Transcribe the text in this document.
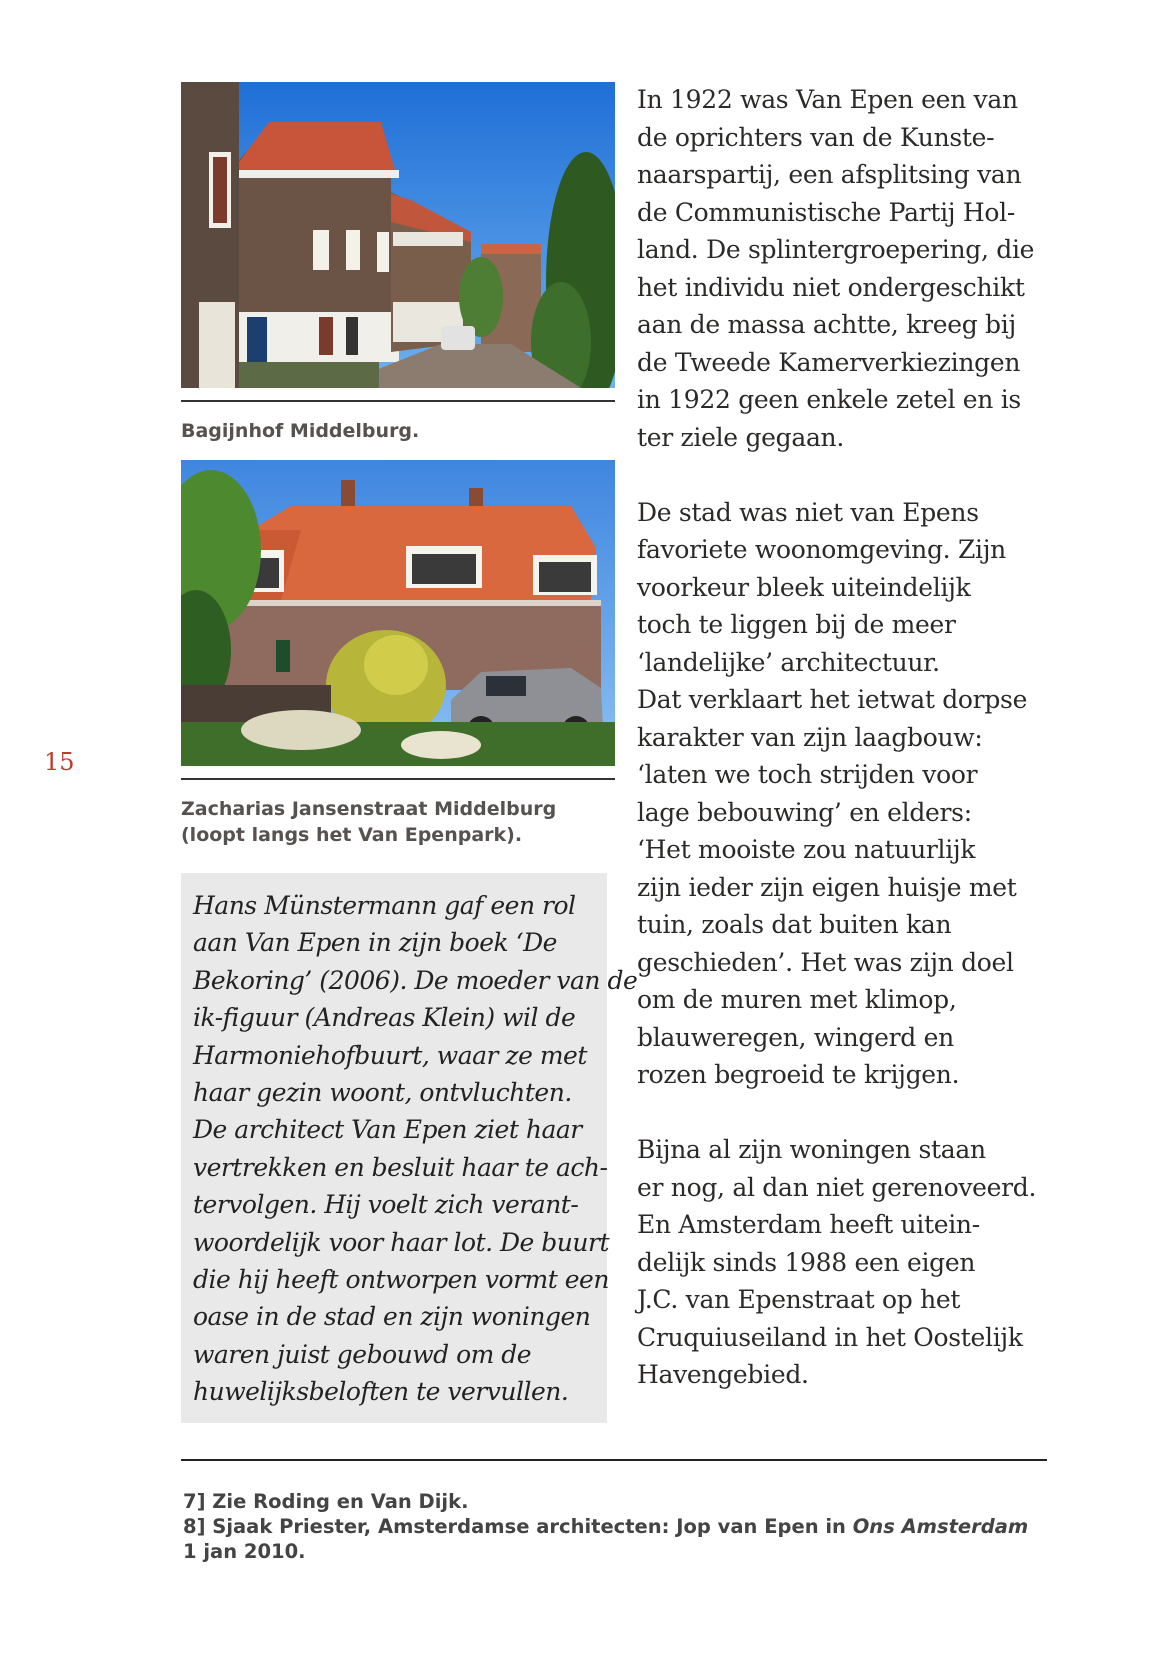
15
Bagijnhof Middelburg.
Zacharias Jansenstraat Middelburg
(loopt langs het Van Epenpark).
Hans Münstermann gaf een rol
aan Van Epen in zijn boek ‘De
Bekoring’ (2006). De moeder van de
ik-figuur (Andreas Klein) wil de
Harmoniehofbuurt, waar ze met
haar gezin woont, ontvluchten.
De architect Van Epen ziet haar
vertrekken en besluit haar te ach-
tervolgen. Hij voelt zich verant-
woordelijk voor haar lot. De buurt
die hij heeft ontworpen vormt een
oase in de stad en zijn woningen
waren juist gebouwd om de
huwelijksbeloften te vervullen.
In 1922 was Van Epen een van
de oprichters van de Kunste-
naarspartij, een afsplitsing van
de Communistische Partij Hol-
land. De splintergroepering, die
het individu niet ondergeschikt
aan de massa achtte, kreeg bij
de Tweede Kamerverkiezingen
in 1922 geen enkele zetel en is
ter ziele gegaan.
De stad was niet van Epens
favoriete woonomgeving. Zijn
voorkeur bleek uiteindelijk
toch te liggen bij de meer
‘landelijke’ architectuur.
Dat verklaart het ietwat dorpse
karakter van zijn laagbouw:
‘laten we toch strijden voor
lage bebouwing’ en elders:
‘Het mooiste zou natuurlijk
zijn ieder zijn eigen huisje met
tuin, zoals dat buiten kan
geschieden’. Het was zijn doel
om de muren met klimop,
blauweregen, wingerd en
rozen begroeid te krijgen.
Bijna al zijn woningen staan
er nog, al dan niet gerenoveerd.
En Amsterdam heeft uitein-
delijk sinds 1988 een eigen
J.C. van Epenstraat op het
Cruquiuseiland in het Oostelijk
Havengebied.
7] Zie Roding en Van Dijk.
8] Sjaak Priester, Amsterdamse architecten: Jop van Epen in Ons Amsterdam
1 jan 2010.
